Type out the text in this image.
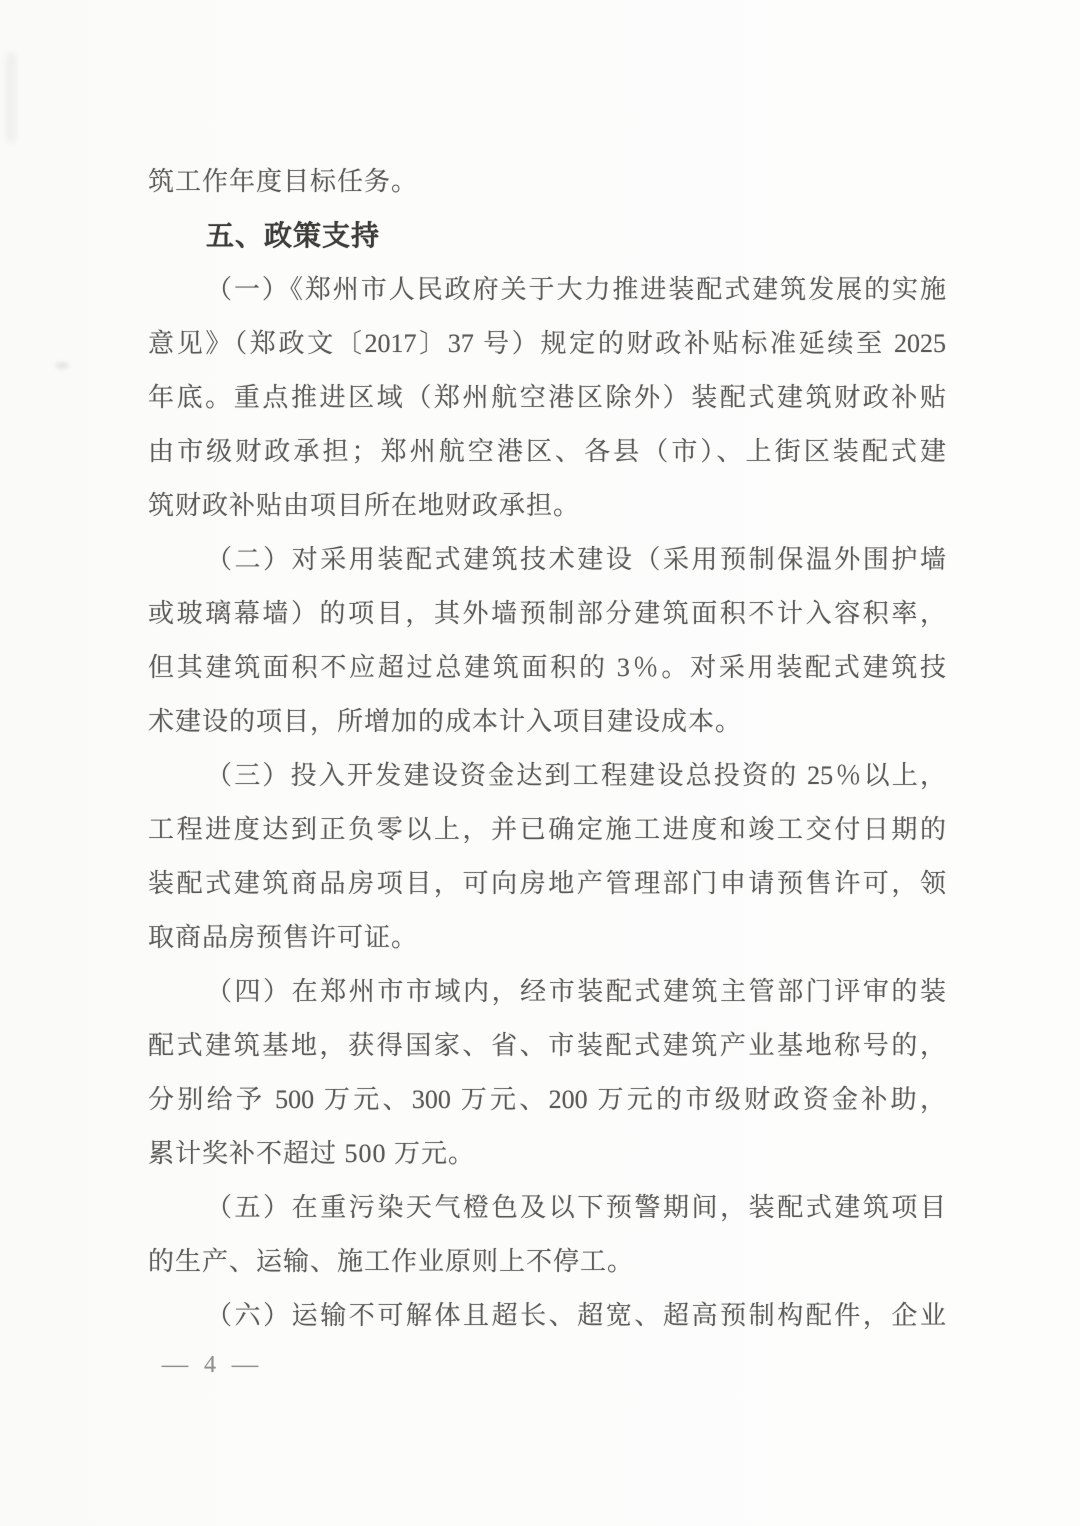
筑工作年度目标任务。
五、政策支持
（一）《郑州市人民政府关于大力推进装配式建筑发展的实施
意见》（郑政文〔2017〕37 号）规定的财政补贴标准延续至 2025
年底。重点推进区域（郑州航空港区除外）装配式建筑财政补贴
由市级财政承担；郑州航空港区、各县（市）、上街区装配式建
筑财政补贴由项目所在地财政承担。
（二）对采用装配式建筑技术建设（采用预制保温外围护墙
或玻璃幕墙）的项目，其外墙预制部分建筑面积不计入容积率，
但其建筑面积不应超过总建筑面积的 3％。对采用装配式建筑技
术建设的项目，所增加的成本计入项目建设成本。
（三）投入开发建设资金达到工程建设总投资的 25％以上，
工程进度达到正负零以上，并已确定施工进度和竣工交付日期的
装配式建筑商品房项目，可向房地产管理部门申请预售许可，领
取商品房预售许可证。
（四）在郑州市市域内，经市装配式建筑主管部门评审的装
配式建筑基地，获得国家、省、市装配式建筑产业基地称号的，
分别给予 500 万元、300 万元、200 万元的市级财政资金补助，
累计奖补不超过 500 万元。
（五）在重污染天气橙色及以下预警期间，装配式建筑项目
的生产、运输、施工作业原则上不停工。
（六）运输不可解体且超长、超宽、超高预制构配件，企业
— 4 —
